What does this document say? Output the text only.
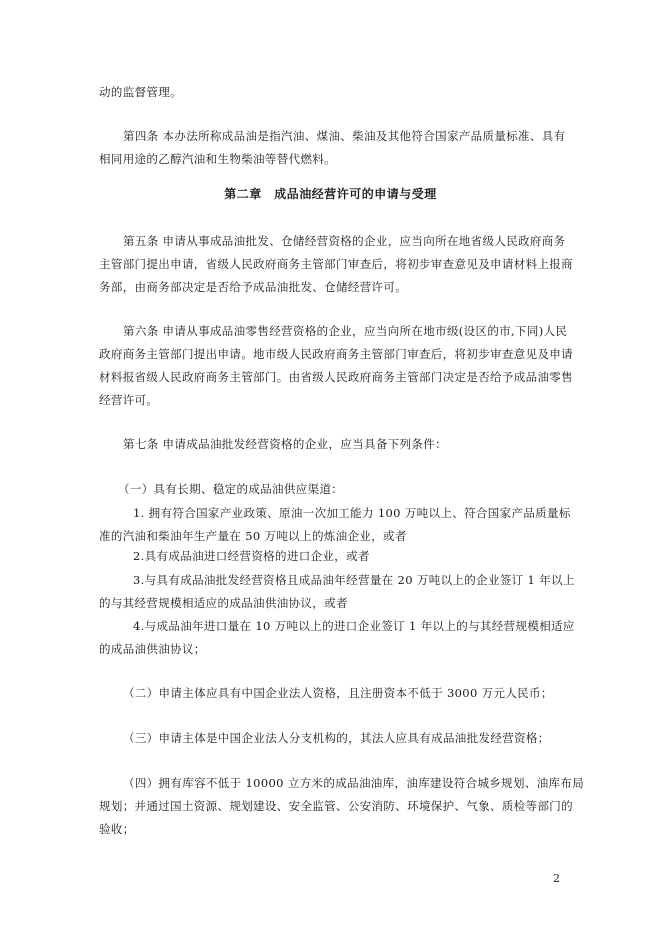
动的监督管理。
第四条 本办法所称成品油是指汽油、煤油、柴油及其他符合国家产品质量标准、具有
相同用途的乙醇汽油和生物柴油等替代燃料。
第二章　成品油经营许可的申请与受理
第五条 申请从事成品油批发、仓储经营资格的企业，应当向所在地省级人民政府商务
主管部门提出申请，省级人民政府商务主管部门审查后，将初步审查意见及申请材料上报商
务部，由商务部决定是否给予成品油批发、仓储经营许可。
第六条 申请从事成品油零售经营资格的企业，应当向所在地市级(设区的市,下同)人民
政府商务主管部门提出申请。地市级人民政府商务主管部门审查后，将初步审查意见及申请
材料报省级人民政府商务主管部门。由省级人民政府商务主管部门决定是否给予成品油零售
经营许可。
第七条 申请成品油批发经营资格的企业，应当具备下列条件：
（一）具有长期、稳定的成品油供应渠道：
1. 拥有符合国家产业政策、原油一次加工能力 100 万吨以上、符合国家产品质量标
准的汽油和柴油年生产量在 50 万吨以上的炼油企业，或者
2.具有成品油进口经营资格的进口企业，或者
3.与具有成品油批发经营资格且成品油年经营量在 20 万吨以上的企业签订 1 年以上
的与其经营规模相适应的成品油供油协议，或者
4.与成品油年进口量在 10 万吨以上的进口企业签订 1 年以上的与其经营规模相适应
的成品油供油协议；
（二）申请主体应具有中国企业法人资格，且注册资本不低于 3000 万元人民币；
（三）申请主体是中国企业法人分支机构的，其法人应具有成品油批发经营资格；
（四）拥有库容不低于 10000 立方米的成品油油库，油库建设符合城乡规划、油库布局
规划；并通过国土资源、规划建设、安全监管、公安消防、环境保护、气象、质检等部门的
验收；
2
